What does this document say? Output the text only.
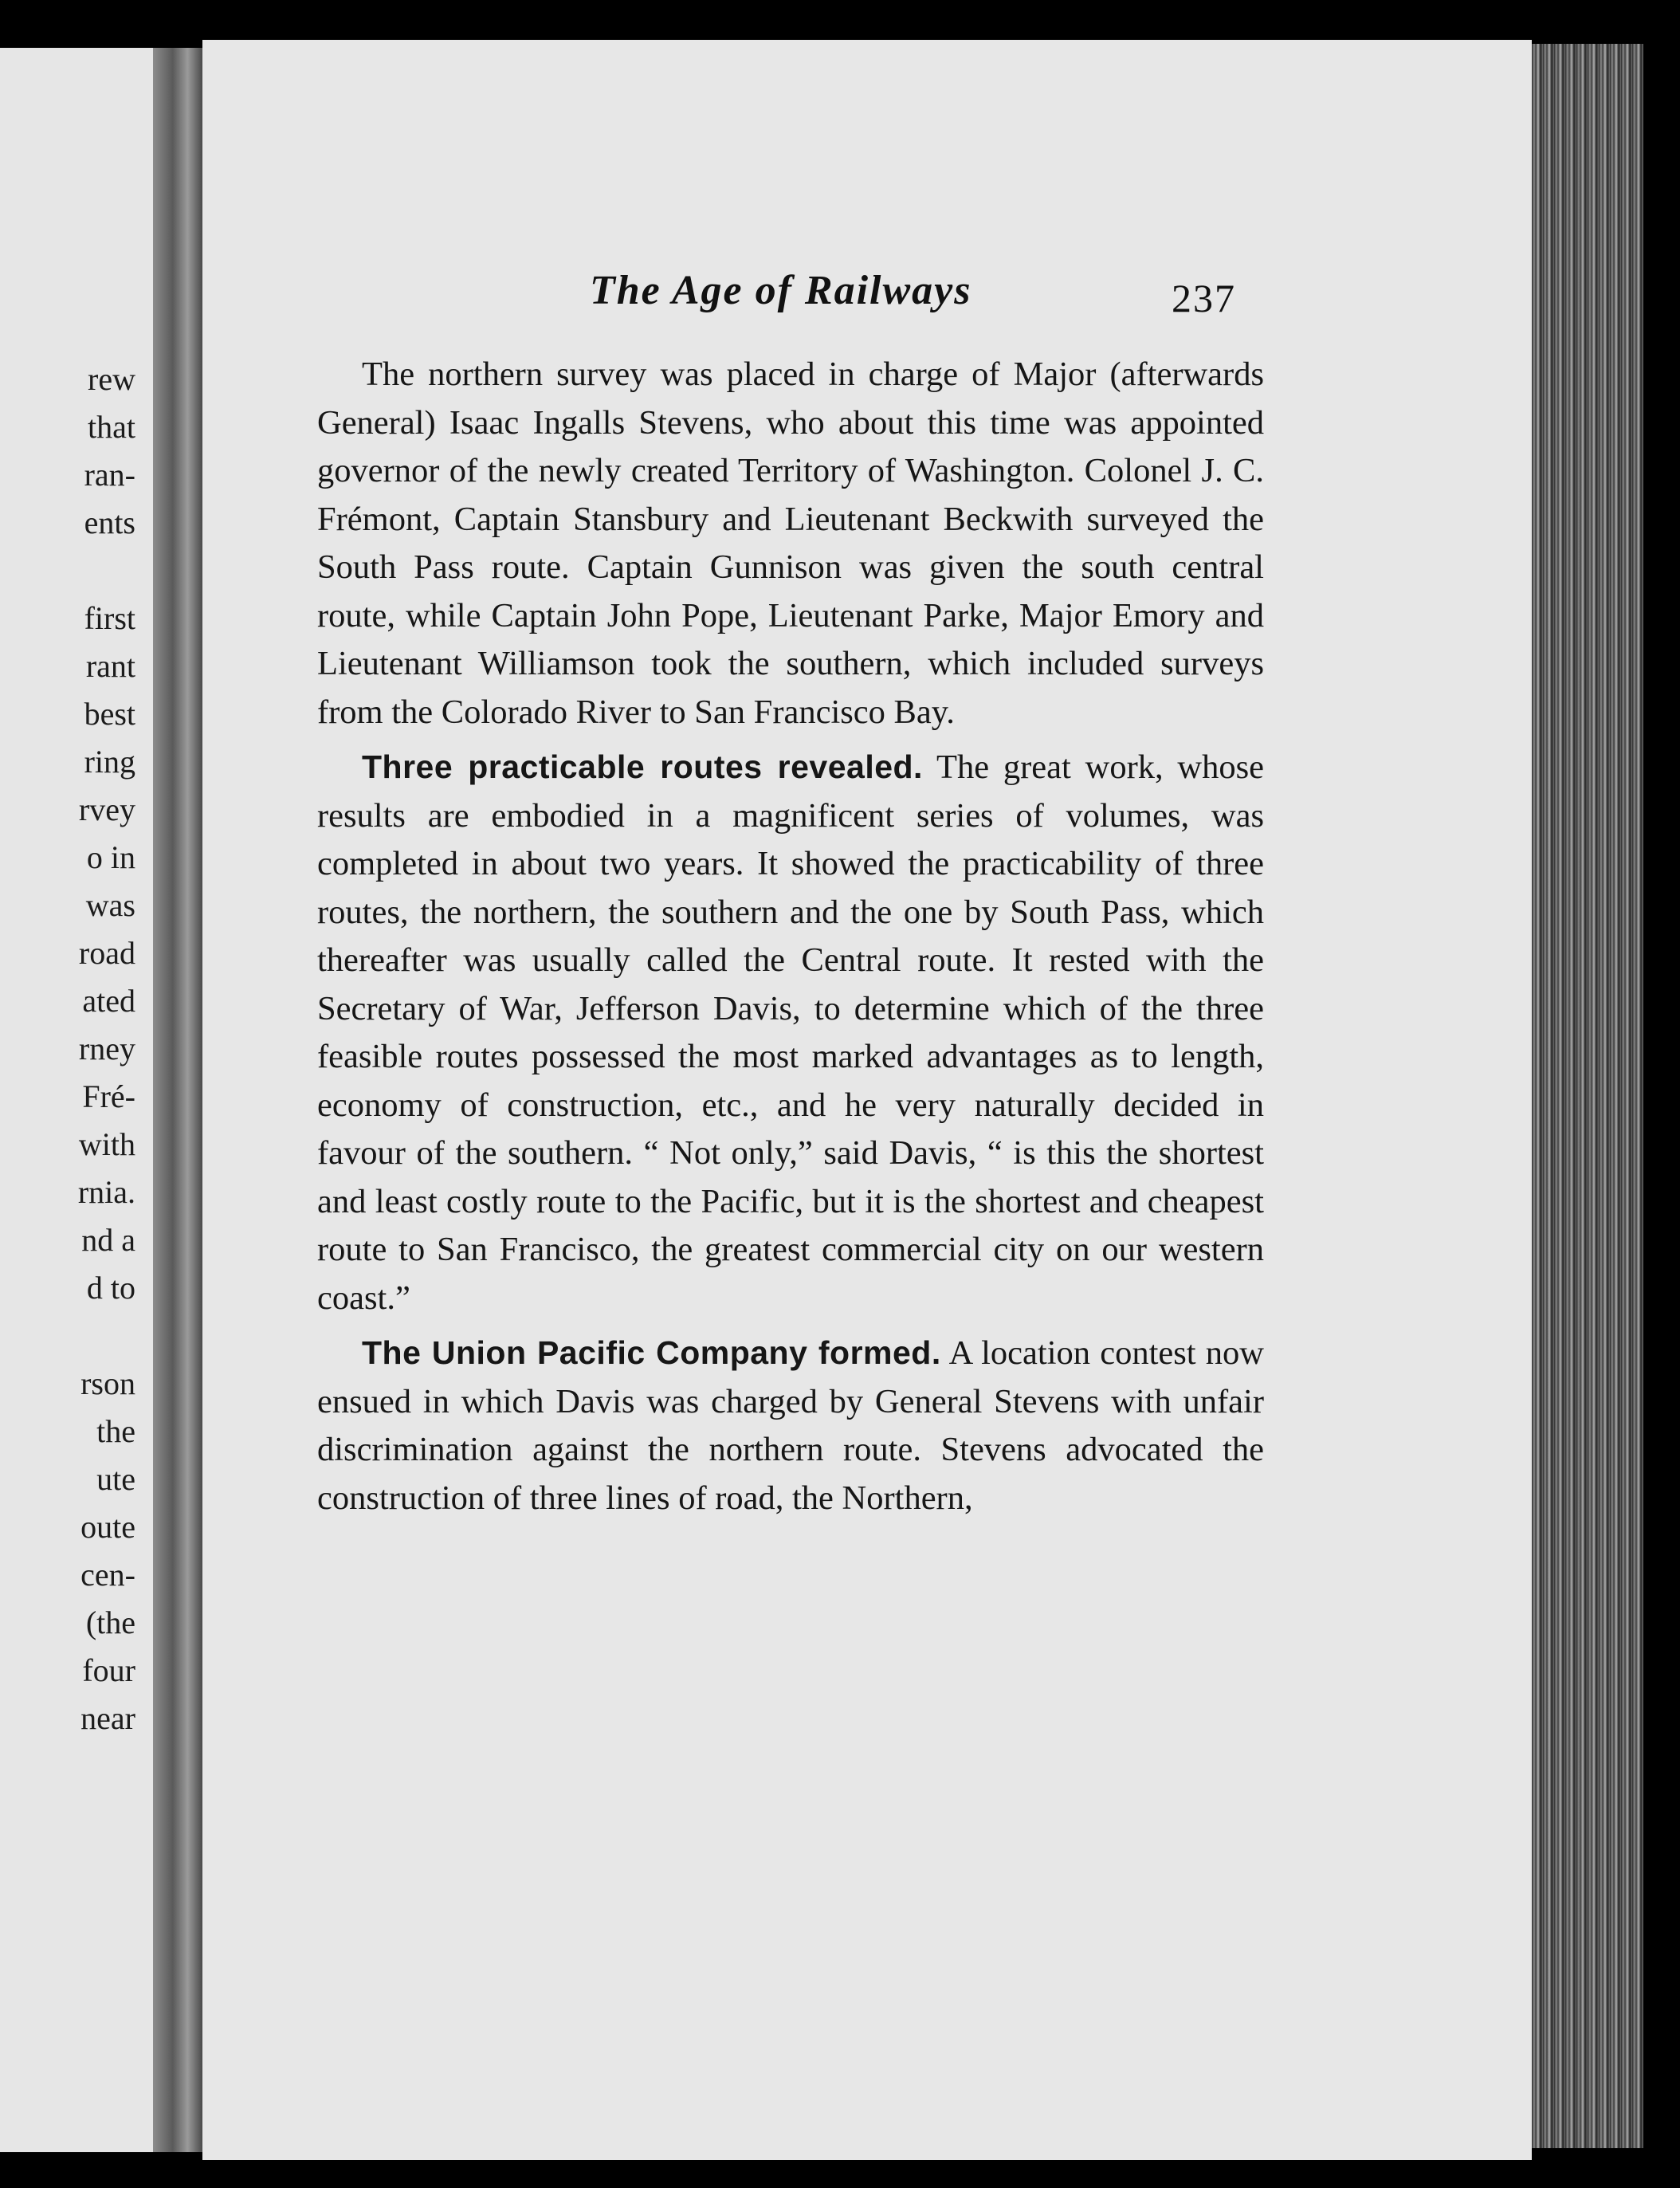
rew
that
ran-
ents
first
rant
best
ring
rvey
o in
was
road
ated
rney
Fré-
with
rnia.
nd a
d to
rson
the
ute
oute
cen-
(the
four
near
The Age of Railways	237

The northern survey was placed in charge of Major (afterwards General) Isaac Ingalls Stevens, who about this time was appointed governor of the newly created Territory of Washington. Colonel J. C. Frémont, Captain Stansbury and Lieutenant Beckwith surveyed the South Pass route. Captain Gunnison was given the south central route, while Captain John Pope, Lieutenant Parke, Major Emory and Lieutenant Williamson took the southern, which included surveys from the Colorado River to San Francisco Bay.

Three practicable routes revealed. The great work, whose results are embodied in a magnificent series of volumes, was completed in about two years. It showed the practicability of three routes, the northern, the southern and the one by South Pass, which thereafter was usually called the Central route. It rested with the Secretary of War, Jefferson Davis, to determine which of the three feasible routes possessed the most marked advantages as to length, economy of construction, etc., and he very naturally decided in favour of the southern. “ Not only,” said Davis, “ is this the shortest and least costly route to the Pacific, but it is the shortest and cheapest route to San Francisco, the greatest commercial city on our western coast.”

The Union Pacific Company formed. A location contest now ensued in which Davis was charged by General Stevens with unfair discrimination against the northern route. Stevens advocated the construction of three lines of road, the Northern,
